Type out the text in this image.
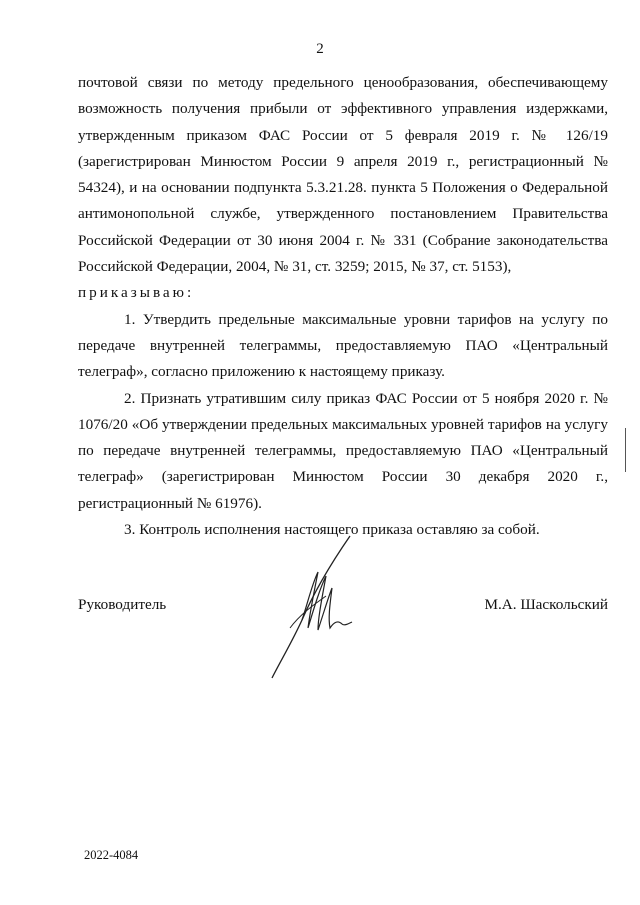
2

почтовой связи по методу предельного ценообразования, обеспечивающему возможность получения прибыли от эффективного управления издержками, утвержденным приказом ФАС России от 5 февраля 2019 г. № 126/19 (зарегистрирован Минюстом России 9 апреля 2019 г., регистрационный № 54324), и на основании подпункта 5.3.21.28. пункта 5 Положения о Федеральной антимонопольной службе, утвержденного постановлением Правительства Российской Федерации от 30 июня 2004 г. № 331 (Собрание законодательства Российской Федерации, 2004, № 31, ст. 3259; 2015, № 37, ст. 5153),

приказываю:

1. Утвердить предельные максимальные уровни тарифов на услугу по передаче внутренней телеграммы, предоставляемую ПАО «Центральный телеграф», согласно приложению к настоящему приказу.

2. Признать утратившим силу приказ ФАС России от 5 ноября 2020 г. № 1076/20 «Об утверждении предельных максимальных уровней тарифов на услугу по передаче внутренней телеграммы, предоставляемую ПАО «Центральный телеграф» (зарегистрирован Минюстом России 30 декабря 2020 г., регистрационный № 61976).

3. Контроль исполнения настоящего приказа оставляю за собой.

Руководитель	М.А. Шаскольский
2022-4084
